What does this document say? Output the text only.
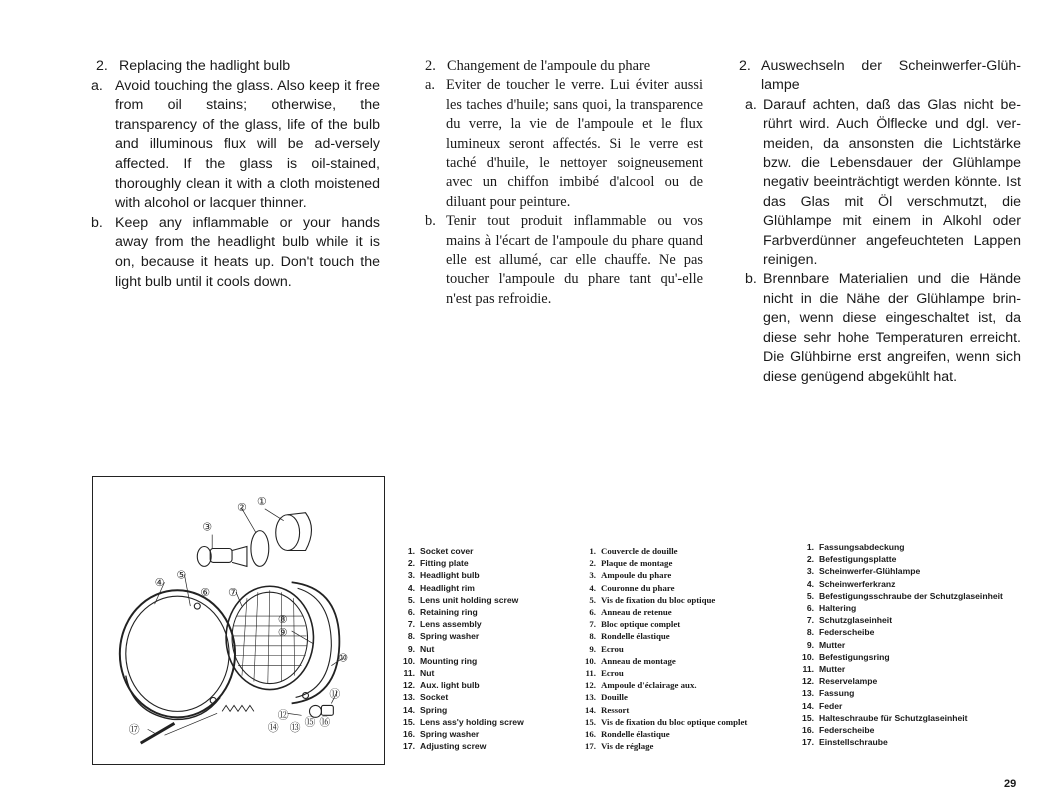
2. Replacing the hadlight bulb
a. Avoid touching the glass. Also keep it free from oil stains; otherwise, the transparency of the glass, life of the bulb and illuminous flux will be ad-versely affected. If the glass is oil-stained, thoroughly clean it with a cloth moistened with alcohol or lacquer thinner.
b. Keep any inflammable or your hands away from the headlight bulb while it is on, because it heats up. Don't touch the light bulb until it cools down.
2. Changement de l'ampoule du phare
a. Eviter de toucher le verre. Lui éviter aussi les taches d'huile; sans quoi, la transparence du verre, la vie de l'ampoule et le flux lumineux seront affectés. Si le verre est taché d'huile, le nettoyer soigneusement avec un chiffon imbibé d'alcool ou de diluant pour peinture.
b. Tenir tout produit inflammable ou vos mains à l'écart de l'ampoule du phare quand elle est allumé, car elle chauffe. Ne pas toucher l'ampoule du phare tant qu'-elle n'est pas refroidie.
2. Auswechseln der Scheinwerfer-Glüh-lampe
a. Darauf achten, daß das Glas nicht be-rührt wird. Auch Ölflecke und dgl. ver-meiden, da ansonsten die Lichtstärke bzw. die Lebensdauer der Glühlampe negativ beeinträchtigt werden könnte. Ist das Glas mit Öl verschmutzt, die Glühlampe mit einem in Alkohl oder Farbverdünner angefeuchteten Lappen reinigen.
b. Brennbare Materialien und die Hände nicht in die Nähe der Glühlampe brin-gen, wenn diese eingeschaltet ist, da diese sehr hohe Temperaturen erreicht. Die Glühbirne erst angreifen, wenn sich diese genügend abgekühlt hat.
①
②
③
④
⑤
⑥ ⑦
⑧
⑨
⑩
⑪
⑫
⑬
⑭ ⑮ ⑯
⑰
1. Socket cover
2. Fitting plate
3. Headlight bulb
4. Headlight rim
5. Lens unit holding screw
6. Retaining ring
7. Lens assembly
8. Spring washer
9. Nut
10. Mounting ring
11. Nut
12. Aux. light bulb
13. Socket
14. Spring
15. Lens ass'y holding screw
16. Spring washer
17. Adjusting screw
1. Couvercle de douille
2. Plaque de montage
3. Ampoule du phare
4. Couronne du phare
5. Vis de fixation du bloc optique
6. Anneau de retenue
7. Bloc optique complet
8. Rondelle élastique
9. Ecrou
10. Anneau de montage
11. Ecrou
12. Ampoule d'éclairage aux.
13. Douille
14. Ressort
15. Vis de fixation du bloc optique complet
16. Rondelle élastique
17. Vis de réglage
1. Fassungsabdeckung
2. Befestigungsplatte
3. Scheinwerfer-Glühlampe
4. Scheinwerferkranz
5. Befestigungsschraube der Schutzglaseinheit
6. Haltering
7. Schutzglaseinheit
8. Federscheibe
9. Mutter
10. Befestigungsring
11. Mutter
12. Reservelampe
13. Fassung
14. Feder
15. Halteschraube für Schutzglaseinheit
16. Federscheibe
17. Einstellschraube
29
